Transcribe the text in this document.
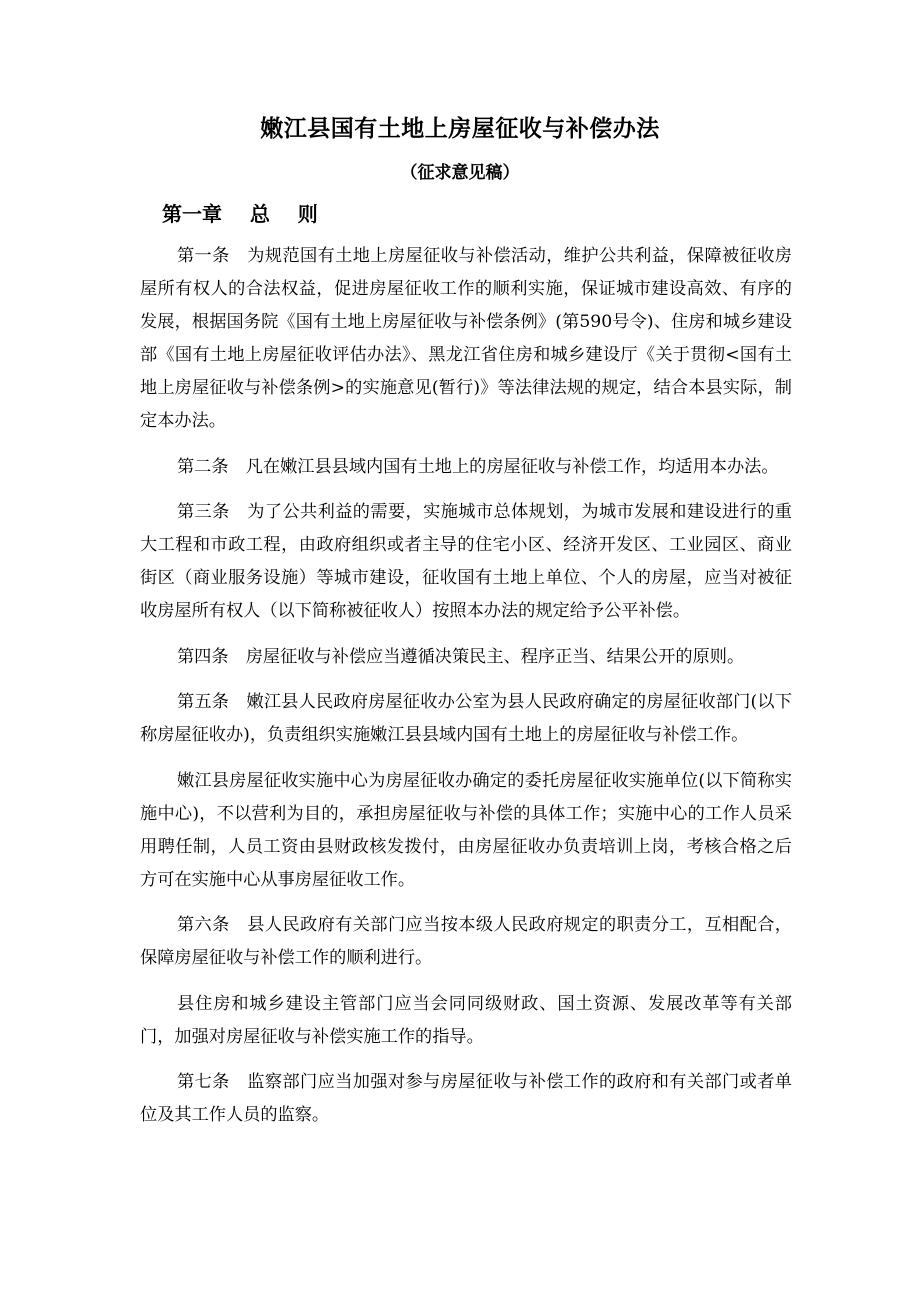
嫩江县国有土地上房屋征收与补偿办法
（征求意见稿）
第一章    总    则

第一条　为规范国有土地上房屋征收与补偿活动，维护公共利益，保障被征收房屋所有权人的合法权益，促进房屋征收工作的顺利实施，保证城市建设高效、有序的发展，根据国务院《国有土地上房屋征收与补偿条例》(第590号令)、住房和城乡建设部《国有土地上房屋征收评估办法》、黑龙江省住房和城乡建设厅《关于贯彻<国有土地上房屋征收与补偿条例>的实施意见(暂行)》等法律法规的规定，结合本县实际，制定本办法。

第二条　凡在嫩江县县域内国有土地上的房屋征收与补偿工作，均适用本办法。

第三条　为了公共利益的需要，实施城市总体规划，为城市发展和建设进行的重大工程和市政工程，由政府组织或者主导的住宅小区、经济开发区、工业园区、商业街区（商业服务设施）等城市建设，征收国有土地上单位、个人的房屋，应当对被征收房屋所有权人（以下简称被征收人）按照本办法的规定给予公平补偿。

第四条　房屋征收与补偿应当遵循决策民主、程序正当、结果公开的原则。

第五条　嫩江县人民政府房屋征收办公室为县人民政府确定的房屋征收部门(以下称房屋征收办)，负责组织实施嫩江县县域内国有土地上的房屋征收与补偿工作。

嫩江县房屋征收实施中心为房屋征收办确定的委托房屋征收实施单位(以下简称实施中心)，不以营利为目的，承担房屋征收与补偿的具体工作；实施中心的工作人员采用聘任制，人员工资由县财政核发拨付，由房屋征收办负责培训上岗，考核合格之后方可在实施中心从事房屋征收工作。

第六条　县人民政府有关部门应当按本级人民政府规定的职责分工，互相配合，保障房屋征收与补偿工作的顺利进行。

县住房和城乡建设主管部门应当会同同级财政、国土资源、发展改革等有关部门，加强对房屋征收与补偿实施工作的指导。

第七条　监察部门应当加强对参与房屋征收与补偿工作的政府和有关部门或者单位及其工作人员的监察。
